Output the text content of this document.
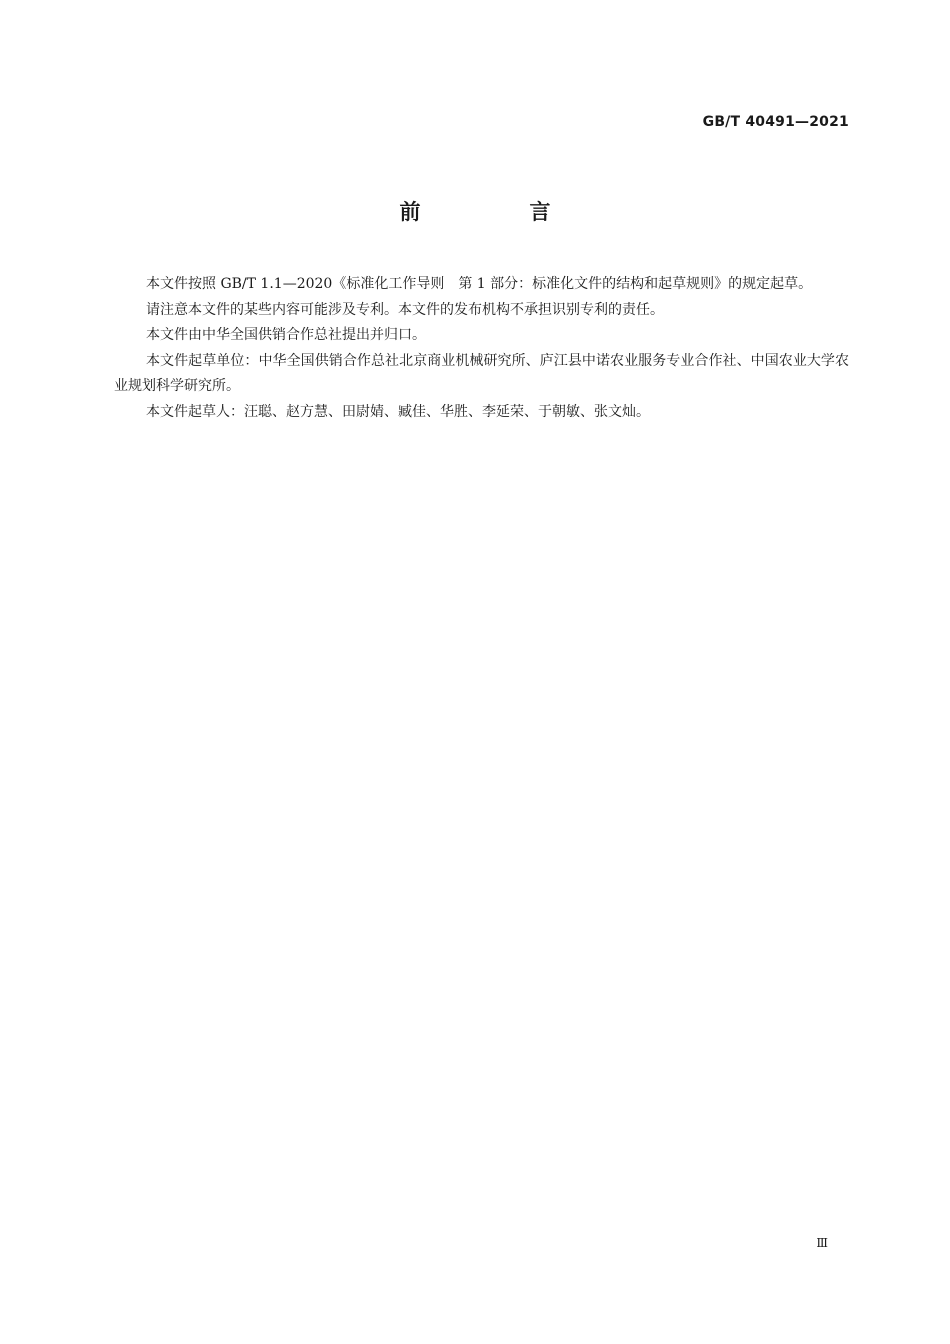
GB/T 40491—2021
前　言

本文件按照 GB/T 1.1—2020《标准化工作导则　第 1 部分：标准化文件的结构和起草规则》的规定起草。

请注意本文件的某些内容可能涉及专利。本文件的发布机构不承担识别专利的责任。

本文件由中华全国供销合作总社提出并归口。

本文件起草单位：中华全国供销合作总社北京商业机械研究所、庐江县中诺农业服务专业合作社、中国农业大学农业规划科学研究所。

本文件起草人：汪聪、赵方慧、田尉婧、臧佳、华胜、李延荣、于朝敏、张文灿。

Ⅲ
